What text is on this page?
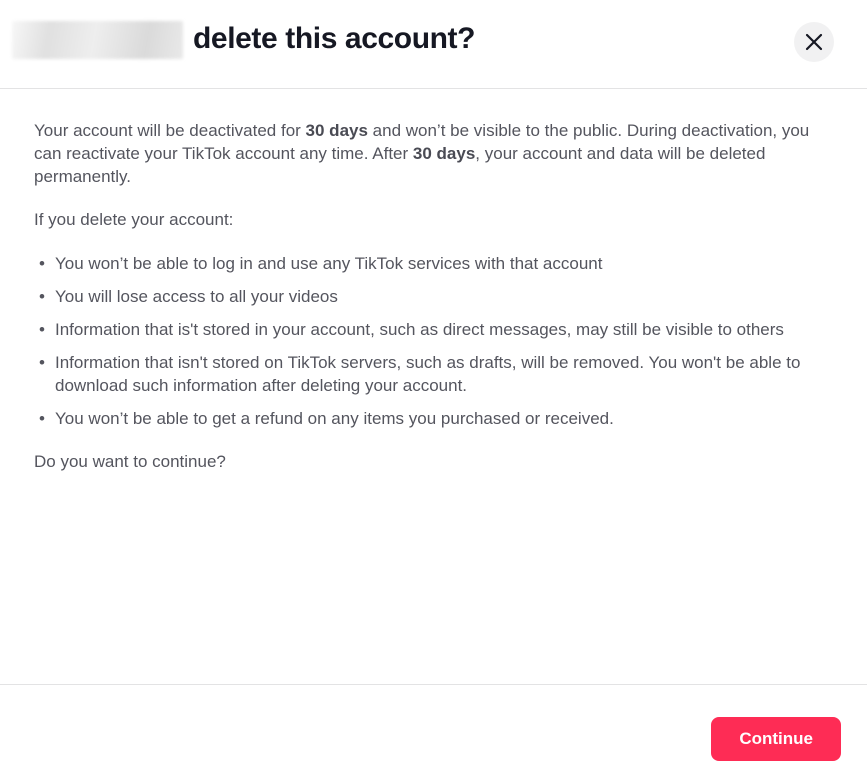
delete this account?

Your account will be deactivated for 30 days and won’t be visible to the public. During deactivation, you can reactivate your TikTok account any time. After 30 days, your account and data will be deleted permanently.

If you delete your account:

• You won’t be able to log in and use any TikTok services with that account
• You will lose access to all your videos
• Information that is't stored in your account, such as direct messages, may still be visible to others
• Information that isn't stored on TikTok servers, such as drafts, will be removed. You won't be able to download such information after deleting your account.
• You won’t be able to get a refund on any items you purchased or received.

Do you want to continue?

Continue
